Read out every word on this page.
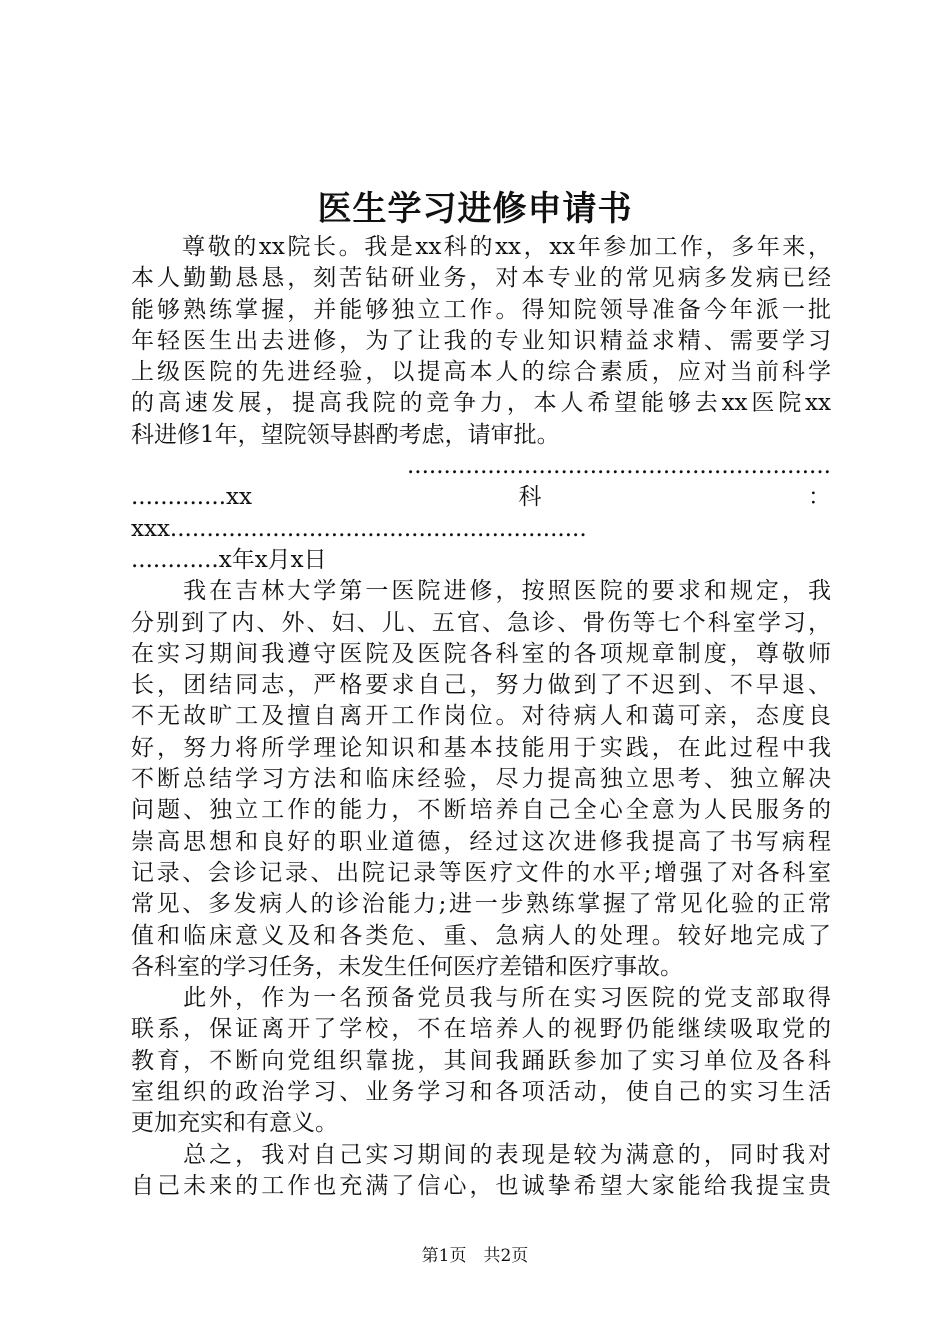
医生学习进修申请书
　　尊敬的xx院长。我是xx科的xx，xx年参加工作，多年来，
本人勤勤恳恳，刻苦钻研业务，对本专业的常见病多发病已经
能够熟练掌握，并能够独立工作。得知院领导准备今年派一批
年轻医生出去进修，为了让我的专业知识精益求精、需要学习
上级医院的先进经验，以提高本人的综合素质，应对当前科学
的高速发展，提高我院的竞争力，本人希望能够去xx医院xx
科进修1年，望院领导斟酌考虑，请审批。
　　..........................................................
.............xx　　　　　　　　　　科　　　　　　　　　　：
xxx.........................................................
............x年x月x日
　　我在吉林大学第一医院进修，按照医院的要求和规定，我
分别到了内、外、妇、儿、五官、急诊、骨伤等七个科室学习，
在实习期间我遵守医院及医院各科室的各项规章制度，尊敬师
长，团结同志，严格要求自己，努力做到了不迟到、不早退、
不无故旷工及擅自离开工作岗位。对待病人和蔼可亲，态度良
好，努力将所学理论知识和基本技能用于实践，在此过程中我
不断总结学习方法和临床经验，尽力提高独立思考、独立解决
问题、独立工作的能力，不断培养自己全心全意为人民服务的
崇高思想和良好的职业道德，经过这次进修我提高了书写病程
记录、会诊记录、出院记录等医疗文件的水平;增强了对各科室
常见、多发病人的诊治能力;进一步熟练掌握了常见化验的正常
值和临床意义及和各类危、重、急病人的处理。较好地完成了
各科室的学习任务，未发生任何医疗差错和医疗事故。
　　此外，作为一名预备党员我与所在实习医院的党支部取得
联系，保证离开了学校，不在培养人的视野仍能继续吸取党的
教育，不断向党组织靠拢，其间我踊跃参加了实习单位及各科
室组织的政治学习、业务学习和各项活动，使自己的实习生活
更加充实和有意义。
　　总之，我对自己实习期间的表现是较为满意的，同时我对
自己未来的工作也充满了信心，也诚挚希望大家能给我提宝贵
第1页　共2页
